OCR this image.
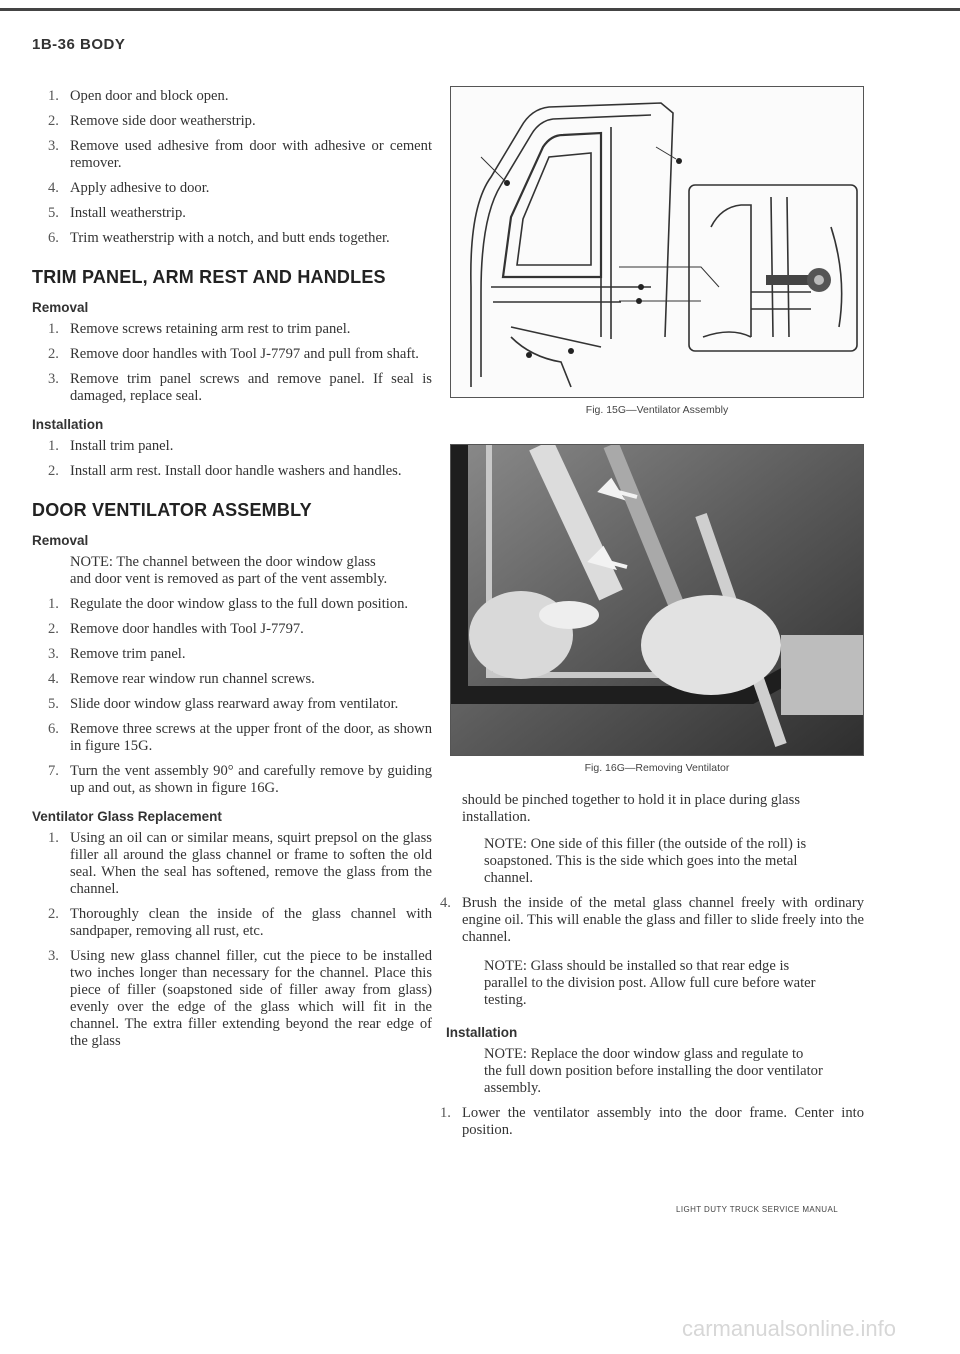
1B-36 BODY
1. Open door and block open.
2. Remove side door weatherstrip.
3. Remove used adhesive from door with adhesive or cement remover.
4. Apply adhesive to door.
5. Install weatherstrip.
6. Trim weatherstrip with a notch, and butt ends together.
TRIM PANEL, ARM REST AND HANDLES
Removal
1. Remove screws retaining arm rest to trim panel.
2. Remove door handles with Tool J-7797 and pull from shaft.
3. Remove trim panel screws and remove panel. If seal is damaged, replace seal.
Installation
1. Install trim panel.
2. Install arm rest. Install door handle washers and handles.
DOOR VENTILATOR ASSEMBLY
Removal

NOTE: The channel between the door window glass and door vent is removed as part of the vent assembly.

1. Regulate the door window glass to the full down position.
2. Remove door handles with Tool J-7797.
3. Remove trim panel.
4. Remove rear window run channel screws.
5. Slide door window glass rearward away from ventilator.
6. Remove three screws at the upper front of the door, as shown in figure 15G.
7. Turn the vent assembly 90° and carefully remove by guiding up and out, as shown in figure 16G.
Ventilator Glass Replacement
1. Using an oil can or similar means, squirt prepsol on the glass filler all around the glass channel or frame to soften the old seal. When the seal has softened, remove the glass from the channel.
2. Thoroughly clean the inside of the glass channel with sandpaper, removing all rust, etc.
3. Using new glass channel filler, cut the piece to be installed two inches longer than necessary for the channel. Place this piece of filler (soapstoned side of filler away from glass) evenly over the edge of the glass which will fit in the channel. The extra filler extending beyond the rear edge of the glass
Fig. 15G—Ventilator Assembly
Fig. 16G—Removing Ventilator

should be pinched together to hold it in place during glass installation.

NOTE: One side of this filler (the outside of the roll) is soapstoned. This is the side which goes into the metal channel.

4. Brush the inside of the metal glass channel freely with ordinary engine oil. This will enable the glass and filler to slide freely into the channel.

NOTE: Glass should be installed so that rear edge is parallel to the division post. Allow full cure before water testing.

Installation

NOTE: Replace the door window glass and regulate to the full down position before installing the door ventilator assembly.

1. Lower the ventilator assembly into the door frame. Center into position.
LIGHT DUTY TRUCK SERVICE MANUAL
carmanualsonline.info
